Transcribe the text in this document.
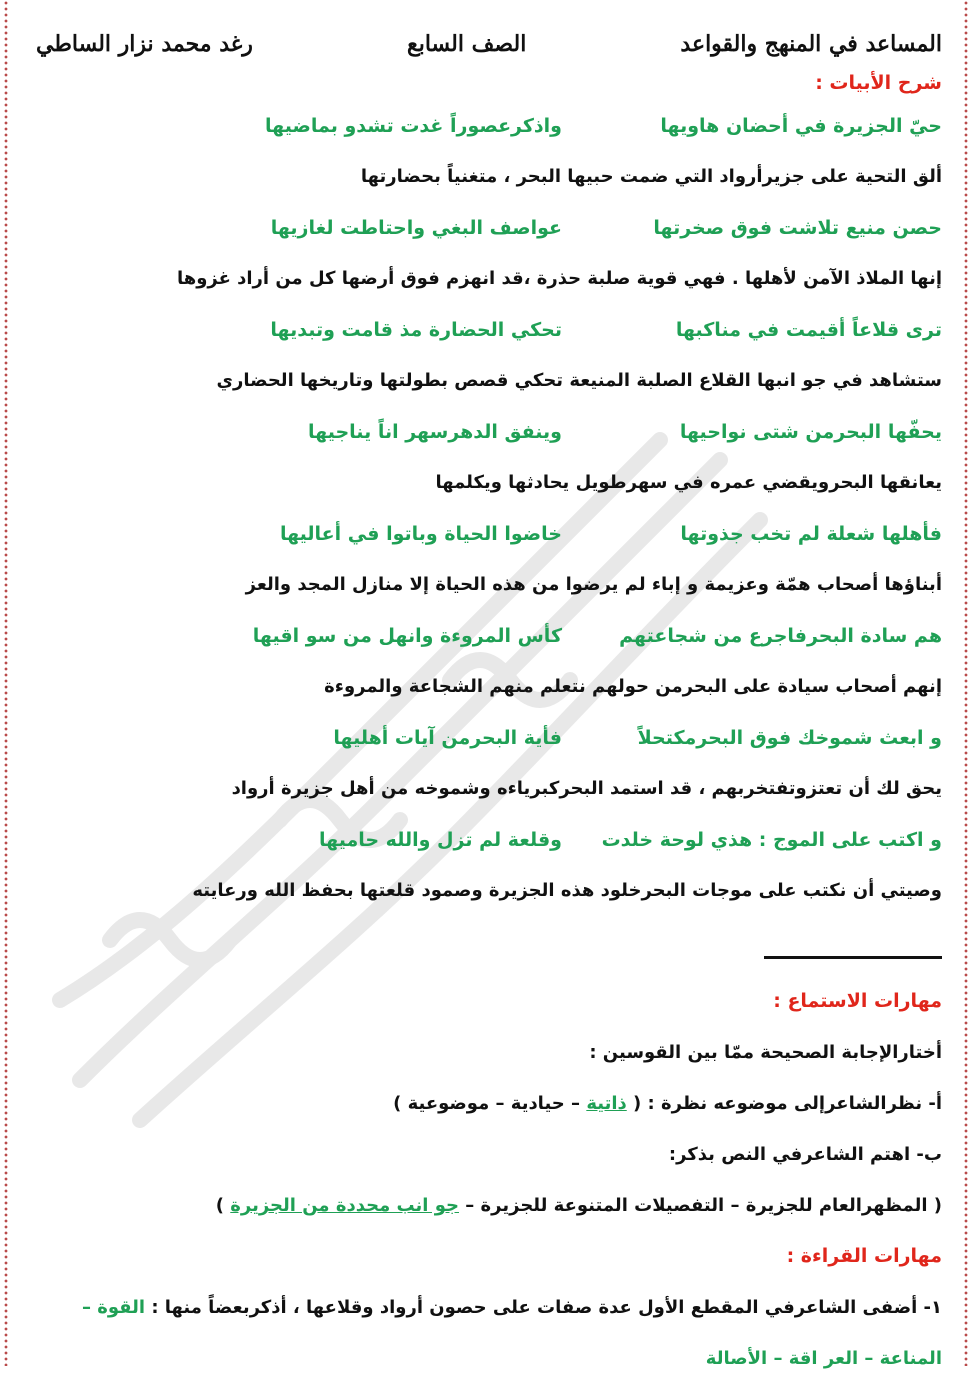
المساعد في المنهج والقواعد
الصف السابع
رغد محمد نزار الساطي
شرح الأبيات :
حيّ الجزيرة في أحضان هاويها
واذكرعصوراً غدت تشدو بماضيها
ألق التحية على جزيرأرواد التي ضمت حبيها البحر ، متغنياً بحضارتها
حصن منيع تلاشت فوق صخرتها
عواصف البغي واحتاطت لغازيها
إنها الملاذ الآمن لأهلها . فهي قوية صلبة حذرة ،قد انهزم فوق أرضها كل من أراد غزوها
ترى قلاعاً أقيمت في مناكبها
تحكي الحضارة مذ قامت وتبديها
ستشاهد في جو انبها القلاع الصلبة المنيعة تحكي قصص بطولتها وتاريخها الحضاري
يحفّها البحرمن شتى نواحيها
وينفق الدهرسهر اناً يناجيها
يعانقها البحرويقضي عمره في سهرطويل يحادثها ويكلمها
فأهلها شعلة لم تخب جذوتها
خاضوا الحياة وباتوا في أعاليها
أبناؤها أصحاب همّة وعزيمة و إباء لم يرضوا من هذه الحياة إلا منازل المجد والعز
هم سادة البحرفاجرع من شجاعتهم
كأس المروءة وانهل من سو اقيها
إنهم أصحاب سيادة على البحرمن حولهم نتعلم منهم الشجاعة والمروءة
و ابعث شموخك فوق البحرمكتحلاً
فأية البحرمن آيات أهليها
يحق لك أن تعتزوتفتخربهم ، قد استمد البحركبرياءه وشموخه من أهل جزيرة أرواد
و اكتب على الموج : هذي لوحة خلدت
وقلعة لم تزل والله حاميها
وصيتي أن نكتب على موجات البحرخلود هذه الجزيرة وصمود قلعتها بحفظ الله ورعايته
مهارات الاستماع :
أختارالإجابة الصحيحة ممّا بين القوسين :
أ- نظرالشاعرإلى موضوعه نظرة : ( ذاتية – حيادية – موضوعية )
ب- اهتم الشاعرفي النص بذكر:
( المظهرالعام للجزيرة – التفصيلات المتنوعة للجزيرة – جو انب محددة من الجزيرة )
مهارات القراءة :
١- أضفى الشاعرفي المقطع الأول عدة صفات على حصون أرواد وقلاعها ، أذكربعضاً منها : القوة –
المناعة – العر اقة – الأصالة
